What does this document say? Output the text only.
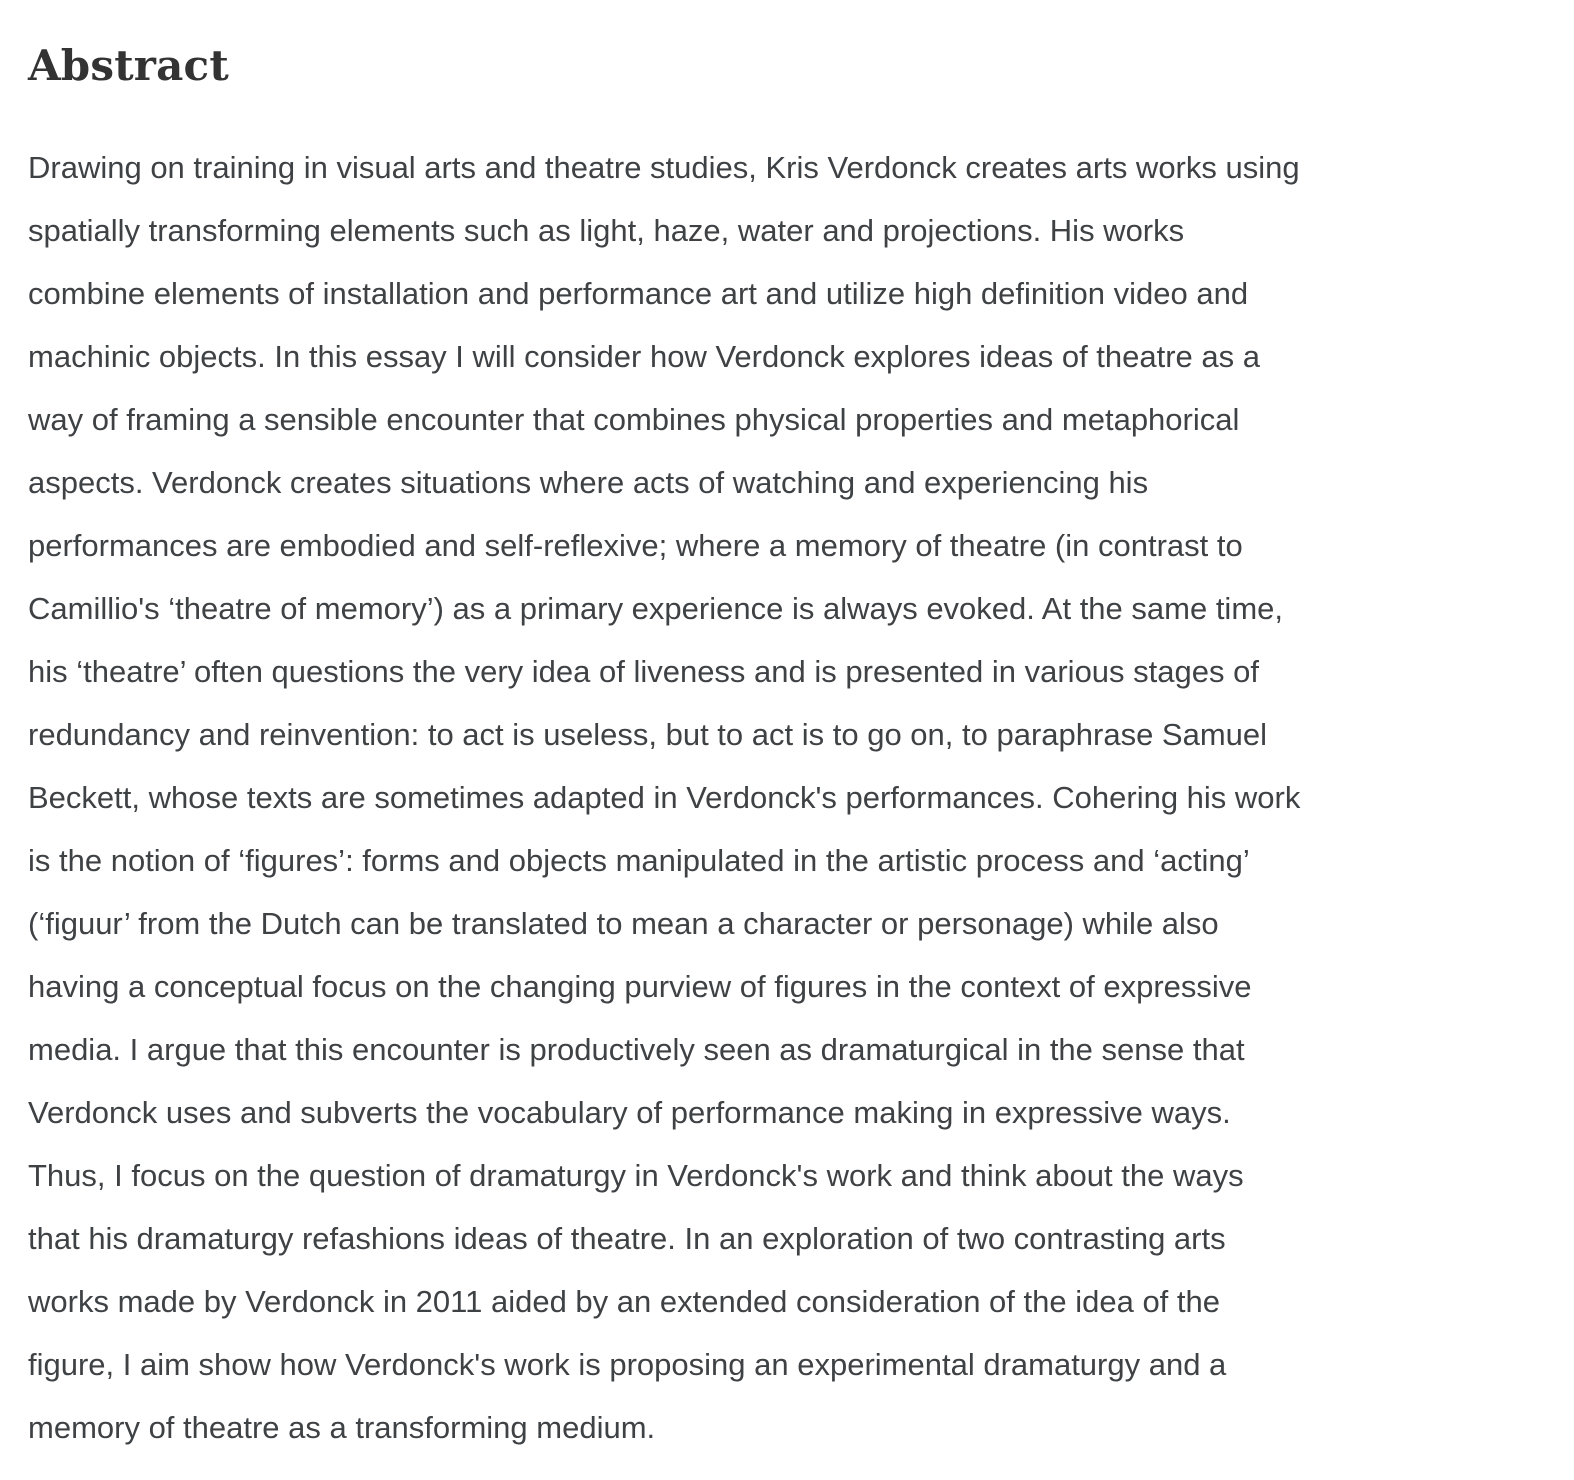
Abstract
Drawing on training in visual arts and theatre studies, Kris Verdonck creates arts works using
spatially transforming elements such as light, haze, water and projections. His works
combine elements of installation and performance art and utilize high definition video and
machinic objects. In this essay I will consider how Verdonck explores ideas of theatre as a
way of framing a sensible encounter that combines physical properties and metaphorical
aspects. Verdonck creates situations where acts of watching and experiencing his
performances are embodied and self-reflexive; where a memory of theatre (in contrast to
Camillio's ‘theatre of memory’) as a primary experience is always evoked. At the same time,
his ‘theatre’ often questions the very idea of liveness and is presented in various stages of
redundancy and reinvention: to act is useless, but to act is to go on, to paraphrase Samuel
Beckett, whose texts are sometimes adapted in Verdonck's performances. Cohering his work
is the notion of ‘figures’: forms and objects manipulated in the artistic process and ‘acting’
(‘figuur’ from the Dutch can be translated to mean a character or personage) while also
having a conceptual focus on the changing purview of figures in the context of expressive
media. I argue that this encounter is productively seen as dramaturgical in the sense that
Verdonck uses and subverts the vocabulary of performance making in expressive ways.
Thus, I focus on the question of dramaturgy in Verdonck's work and think about the ways
that his dramaturgy refashions ideas of theatre. In an exploration of two contrasting arts
works made by Verdonck in 2011 aided by an extended consideration of the idea of the
figure, I aim show how Verdonck's work is proposing an experimental dramaturgy and a
memory of theatre as a transforming medium.
